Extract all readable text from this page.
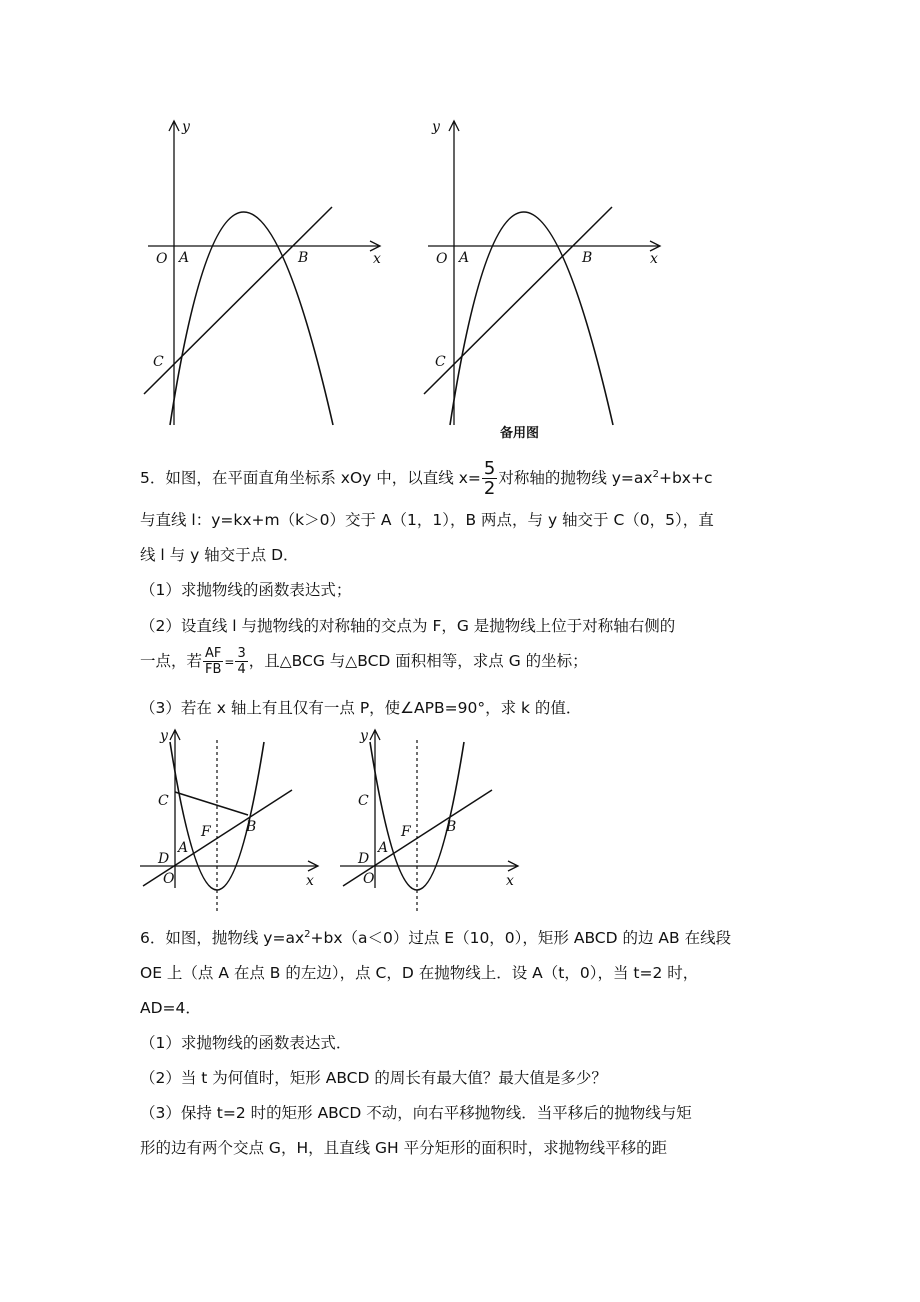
y
x
O A	B
C
y
x
O A	B
C
备用图
5．如图，在平面直角坐标系 xOy 中，以直线 $x= \frac{5}{2}$ 对称轴的抛物线 $y=ax^2+bx+c$
与直线 l：y=kx+m（k＞0）交于 A（1，1），B 两点，与 y 轴交于 C（0，5），直
线 l 与 y 轴交于点 D．
（1）求抛物线的函数表达式；
（2）设直线 l 与抛物线的对称轴的交点为 F，G 是抛物线上位于对称轴右侧的
一点，若 $\frac{AF}{FB} = \frac{3}{4}$ ，且△BCG 与△BCD 面积相等，求点 G 的坐标；
（3）若在 x 轴上有且仅有一点 P，使∠APB=90°，求 k 的值．
y
x
O
A
B
C
D
F
y
x
O
A
B
C
D
F
6．如图，抛物线 $y=ax^2+bx(a<0)$过点 E（10，0），矩形 ABCD 的边 AB 在线段
OE 上（点 A 在点 B 的左边），点 C，D 在抛物线上．设 A（t，0），当 t=2 时，
AD=4．
（1）求抛物线的函数表达式．
（2）当 t 为何值时，矩形 ABCD 的周长有最大值？最大值是多少？
（3）保持 t=2 时的矩形 ABCD 不动，向右平移抛物线．当平移后的抛物线与矩
形的边有两个交点 G，H，且直线 GH 平分矩形的面积时，求抛物线平移的距
